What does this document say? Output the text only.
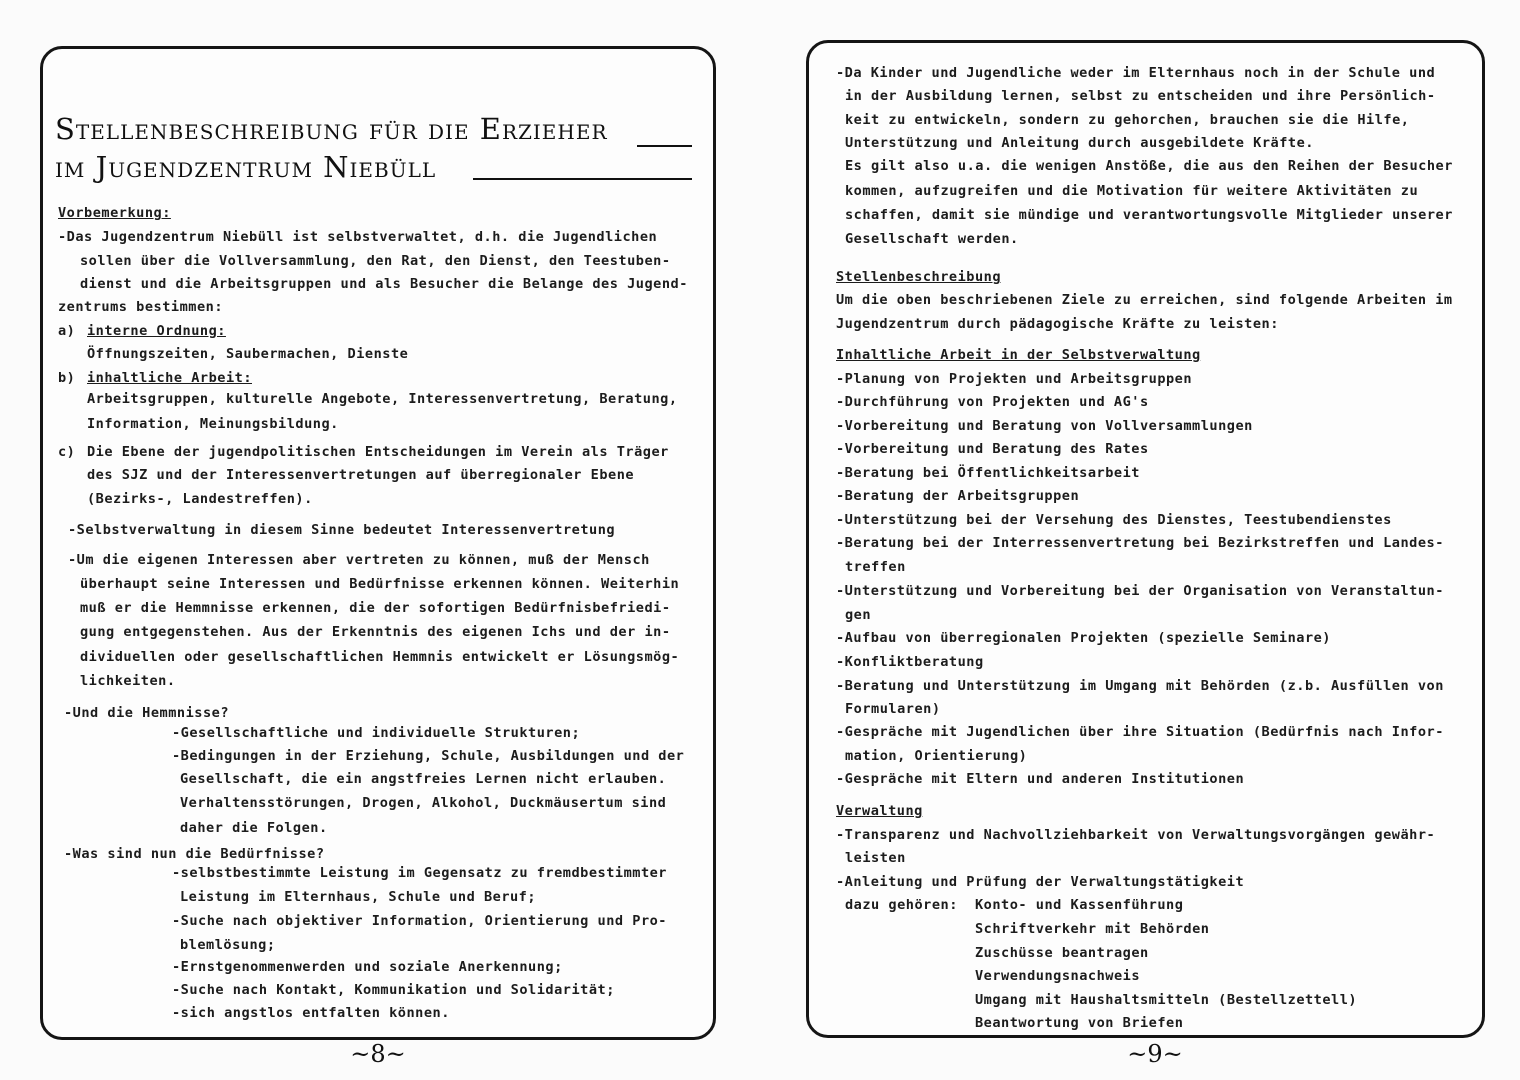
Stellenbeschreibung für die Erzieher
im Jugendzentrum Niebüll
Vorbemerkung:
-Das Jugendzentrum Niebüll ist selbstverwaltet, d.h. die Jugendlichen
sollen über die Vollversammlung, den Rat, den Dienst, den Teestuben-
dienst und die Arbeitsgruppen und als Besucher die Belange des Jugend-
zentrums bestimmen:
a) interne Ordnung:
Öffnungszeiten, Saubermachen, Dienste
b) inhaltliche Arbeit:
Arbeitsgruppen, kulturelle Angebote, Interessenvertretung, Beratung,
Information, Meinungsbildung.
c) Die Ebene der jugendpolitischen Entscheidungen im Verein als Träger
des SJZ und der Interessenvertretungen auf überregionaler Ebene
(Bezirks-, Landestreffen).
-Selbstverwaltung in diesem Sinne bedeutet Interessenvertretung
-Um die eigenen Interessen aber vertreten zu können, muß der Mensch
überhaupt seine Interessen und Bedürfnisse erkennen können. Weiterhin
muß er die Hemmnisse erkennen, die der sofortigen Bedürfnisbefriedi-
gung entgegenstehen. Aus der Erkenntnis des eigenen Ichs und der in-
dividuellen oder gesellschaftlichen Hemmnis entwickelt er Lösungsmög-
lichkeiten.
-Und die Hemmnisse?
-Gesellschaftliche und individuelle Strukturen;
-Bedingungen in der Erziehung, Schule, Ausbildungen und der
Gesellschaft, die ein angstfreies Lernen nicht erlauben.
Verhaltensstörungen, Drogen, Alkohol, Duckmäusertum sind
daher die Folgen.
-Was sind nun die Bedürfnisse?
-selbstbestimmte Leistung im Gegensatz zu fremdbestimmter
Leistung im Elternhaus, Schule und Beruf;
-Suche nach objektiver Information, Orientierung und Pro-
blemlösung;
-Ernstgenommenwerden und soziale Anerkennung;
-Suche nach Kontakt, Kommunikation und Solidarität;
-sich angstlos entfalten können.
-Da Kinder und Jugendliche weder im Elternhaus noch in der Schule und
in der Ausbildung lernen, selbst zu entscheiden und ihre Persönlich-
keit zu entwickeln, sondern zu gehorchen, brauchen sie die Hilfe,
Unterstützung und Anleitung durch ausgebildete Kräfte.
Es gilt also u.a. die wenigen Anstöße, die aus den Reihen der Besucher
kommen, aufzugreifen und die Motivation für weitere Aktivitäten zu
schaffen, damit sie mündige und verantwortungsvolle Mitglieder unserer
Gesellschaft werden.
Stellenbeschreibung
Um die oben beschriebenen Ziele zu erreichen, sind folgende Arbeiten im
Jugendzentrum durch pädagogische Kräfte zu leisten:
Inhaltliche Arbeit in der Selbstverwaltung
-Planung von Projekten und Arbeitsgruppen
-Durchführung von Projekten und AG's
-Vorbereitung und Beratung von Vollversammlungen
-Vorbereitung und Beratung des Rates
-Beratung bei Öffentlichkeitsarbeit
-Beratung der Arbeitsgruppen
-Unterstützung bei der Versehung des Dienstes, Teestubendienstes
-Beratung bei der Interressenvertretung bei Bezirkstreffen und Landes-
treffen
-Unterstützung und Vorbereitung bei der Organisation von Veranstaltun-
gen
-Aufbau von überregionalen Projekten (spezielle Seminare)
-Konfliktberatung
-Beratung und Unterstützung im Umgang mit Behörden (z.b. Ausfüllen von
Formularen)
-Gespräche mit Jugendlichen über ihre Situation (Bedürfnis nach Infor-
mation, Orientierung)
-Gespräche mit Eltern und anderen Institutionen
Verwaltung
-Transparenz und Nachvollziehbarkeit von Verwaltungsvorgängen gewähr-
leisten
-Anleitung und Prüfung der Verwaltungstätigkeit
dazu gehören: Konto- und Kassenführung
Schriftverkehr mit Behörden
Zuschüsse beantragen
Verwendungsnachweis
Umgang mit Haushaltsmitteln (Bestellzettell)
Beantwortung von Briefen
~8~	~9~
